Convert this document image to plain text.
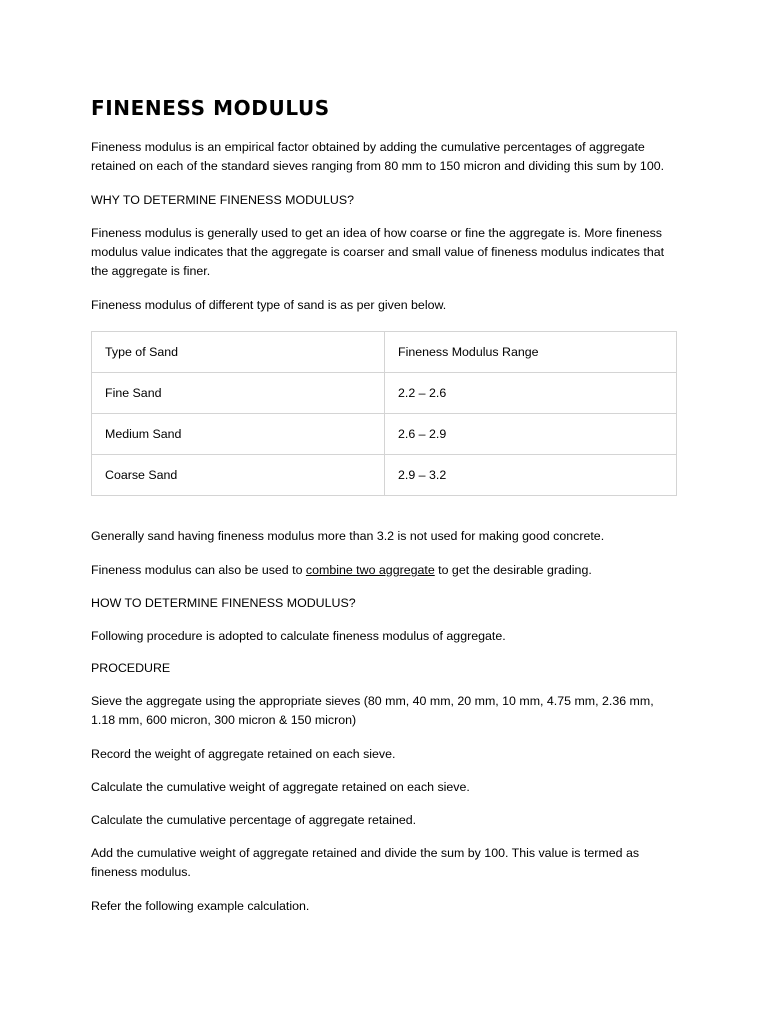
FINENESS MODULUS

Fineness modulus is an empirical factor obtained by adding the cumulative percentages of aggregate
retained on each of the standard sieves ranging from 80 mm to 150 micron and dividing this sum by 100.

WHY TO DETERMINE FINENESS MODULUS?

Fineness modulus is generally used to get an idea of how coarse or fine the aggregate is. More fineness
modulus value indicates that the aggregate is coarser and small value of fineness modulus indicates that
the aggregate is finer.

Fineness modulus of different type of sand is as per given below.

Type of Sand	Fineness Modulus Range
Fine Sand	2.2 – 2.6
Medium Sand	2.6 – 2.9
Coarse Sand	2.9 – 3.2

Generally sand having fineness modulus more than 3.2 is not used for making good concrete.

Fineness modulus can also be used to combine two aggregate to get the desirable grading.

HOW TO DETERMINE FINENESS MODULUS?

Following procedure is adopted to calculate fineness modulus of aggregate.

PROCEDURE

Sieve the aggregate using the appropriate sieves (80 mm, 40 mm, 20 mm, 10 mm, 4.75 mm, 2.36 mm,
1.18 mm, 600 micron, 300 micron & 150 micron)

Record the weight of aggregate retained on each sieve.

Calculate the cumulative weight of aggregate retained on each sieve.

Calculate the cumulative percentage of aggregate retained.

Add the cumulative weight of aggregate retained and divide the sum by 100. This value is termed as
fineness modulus.

Refer the following example calculation.
